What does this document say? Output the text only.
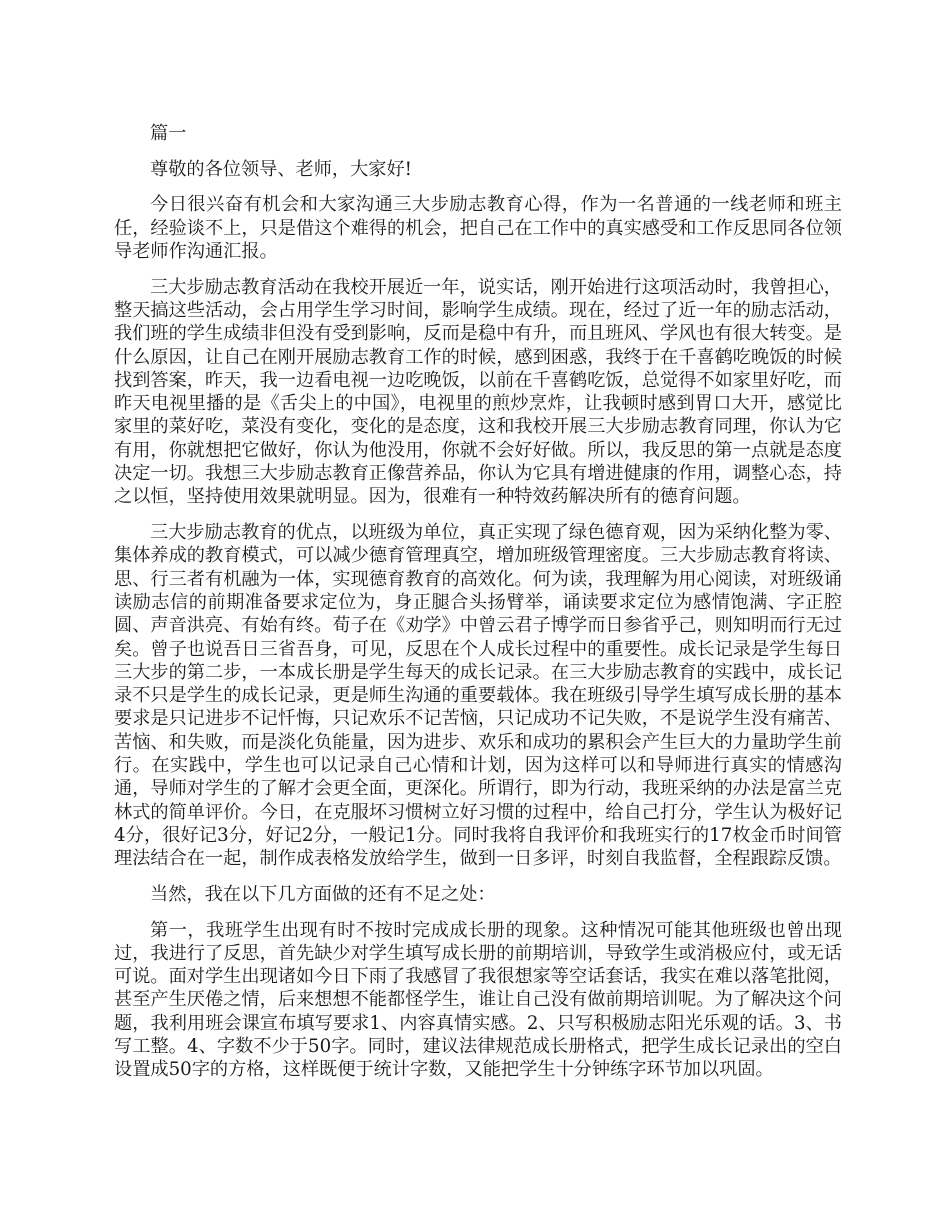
篇一

尊敬的各位领导、老师，大家好!

今日很兴奋有机会和大家沟通三大步励志教育心得，作为一名普通的一线老师和班主任，经验谈不上，只是借这个难得的机会，把自己在工作中的真实感受和工作反思同各位领导老师作沟通汇报。

三大步励志教育活动在我校开展近一年，说实话，刚开始进行这项活动时，我曾担心，整天搞这些活动，会占用学生学习时间，影响学生成绩。现在，经过了近一年的励志活动，我们班的学生成绩非但没有受到影响，反而是稳中有升，而且班风、学风也有很大转变。是什么原因，让自己在刚开展励志教育工作的时候，感到困惑，我终于在千喜鹤吃晚饭的时候找到答案，昨天，我一边看电视一边吃晚饭，以前在千喜鹤吃饭，总觉得不如家里好吃，而昨天电视里播的是《舌尖上的中国》，电视里的煎炒烹炸，让我顿时感到胃口大开，感觉比家里的菜好吃，菜没有变化，变化的是态度，这和我校开展三大步励志教育同理，你认为它有用，你就想把它做好，你认为他没用，你就不会好好做。所以，我反思的第一点就是态度决定一切。我想三大步励志教育正像营养品，你认为它具有增进健康的作用，调整心态，持之以恒，坚持使用效果就明显。因为，很难有一种特效药解决所有的德育问题。

三大步励志教育的优点，以班级为单位，真正实现了绿色德育观，因为采纳化整为零、集体养成的教育模式，可以减少德育管理真空，增加班级管理密度。三大步励志教育将读、思、行三者有机融为一体，实现德育教育的高效化。何为读，我理解为用心阅读，对班级诵读励志信的前期准备要求定位为，身正腿合头扬臂举，诵读要求定位为感情饱满、字正腔圆、声音洪亮、有始有终。荀子在《劝学》中曾云君子博学而日参省乎己，则知明而行无过矣。曾子也说吾日三省吾身，可见，反思在个人成长过程中的重要性。成长记录是学生每日三大步的第二步，一本成长册是学生每天的成长记录。在三大步励志教育的实践中，成长记录不只是学生的成长记录，更是师生沟通的重要载体。我在班级引导学生填写成长册的基本要求是只记进步不记忏悔，只记欢乐不记苦恼，只记成功不记失败，不是说学生没有痛苦、苦恼、和失败，而是淡化负能量，因为进步、欢乐和成功的累积会产生巨大的力量助学生前行。在实践中，学生也可以记录自己心情和计划，因为这样可以和导师进行真实的情感沟通，导师对学生的了解才会更全面，更深化。所谓行，即为行动，我班采纳的办法是富兰克林式的简单评价。今日，在克服坏习惯树立好习惯的过程中，给自己打分，学生认为极好记4分，很好记3分，好记2分，一般记1分。同时我将自我评价和我班实行的17枚金币时间管理法结合在一起，制作成表格发放给学生，做到一日多评，时刻自我监督，全程跟踪反馈。

当然，我在以下几方面做的还有不足之处：

第一，我班学生出现有时不按时完成成长册的现象。这种情况可能其他班级也曾出现过，我进行了反思，首先缺少对学生填写成长册的前期培训，导致学生或消极应付，或无话可说。面对学生出现诸如今日下雨了我感冒了我很想家等空话套话，我实在难以落笔批阅，甚至产生厌倦之情，后来想想不能都怪学生，谁让自己没有做前期培训呢。为了解决这个问题，我利用班会课宣布填写要求1、内容真情实感。2、只写积极励志阳光乐观的话。3、书写工整。4、字数不少于50字。同时，建议法律规范成长册格式，把学生成长记录出的空白设置成50字的方格，这样既便于统计字数，又能把学生十分钟练字环节加以巩固。
